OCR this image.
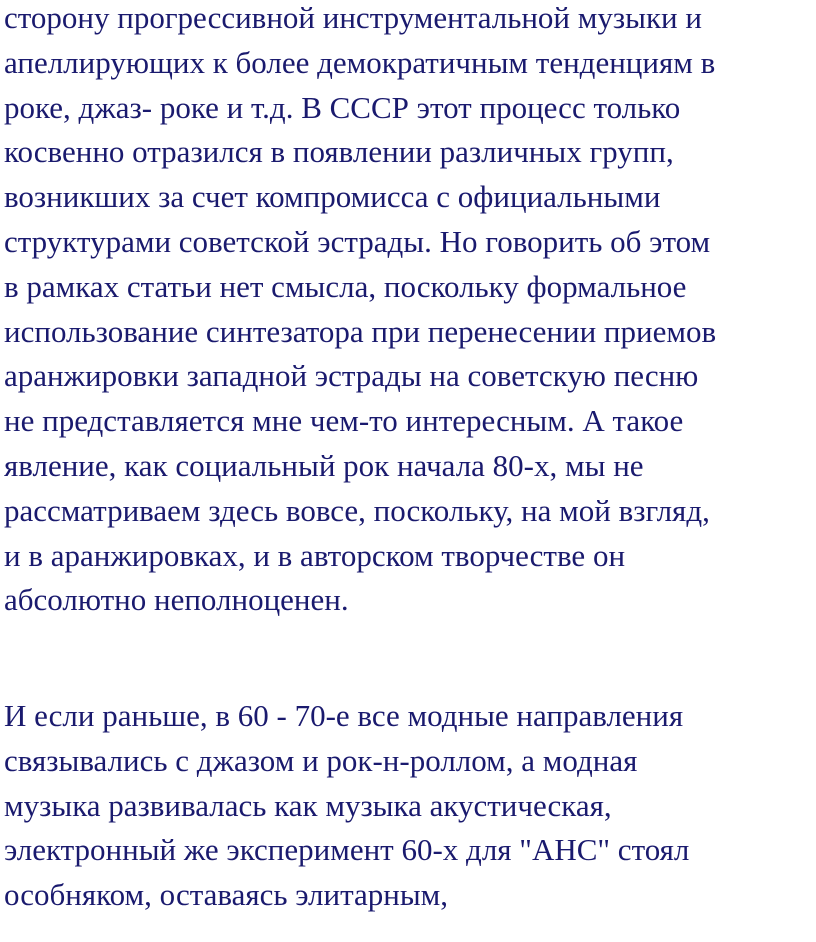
сторону прогрессивной инструментальной музыки и
апеллирующих к более демократичным тенденциям в
роке, джаз- роке и т.д. В СССР этот процесс только
косвенно отразился в появлении различных групп,
возникших за счет компромисса с официальными
структурами советской эстрады. Но говорить об этом
в рамках статьи нет смысла, поскольку формальное
использование синтезатора при перенесении приемов
аранжировки западной эстрады на советскую песню
не представляется мне чем-то интересным. А такое
явление, как социальный рок начала 80-х, мы не
рассматриваем здесь вовсе, поскольку, на мой взгляд,
и в аранжировках, и в авторском творчестве он
абсолютно неполноценен.

И если раньше, в 60 - 70-е все модные направления
связывались с джазом и рок-н-роллом, а модная
музыка развивалась как музыка акустическая,
электронный же эксперимент 60-х для "АНС" стоял
особняком, оставаясь элитарным,
